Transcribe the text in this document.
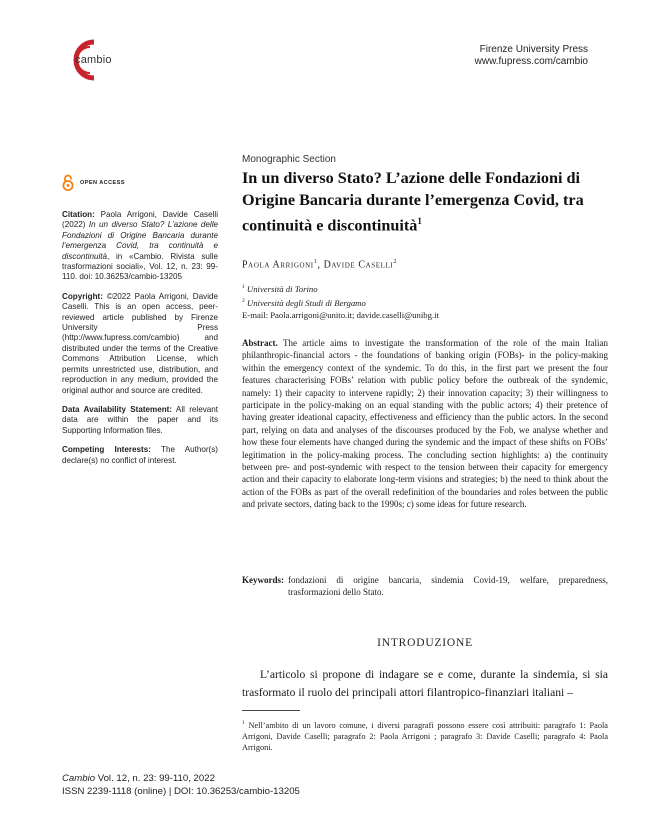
cambio
Firenze University Press
www.fupress.com/cambio
OPEN ACCESS

Citation: Paola Arrigoni, Davide Caselli (2022) In un diverso Stato? L’azione delle Fondazioni di Origine Bancaria durante l’emergenza Covid, tra continuità e discontinuità, in «Cambio. Rivista sulle trasformazioni sociali», Vol. 12, n. 23: 99-110. doi: 10.36253/cambio-13205

Copyright: ©2022 Paola Arrigoni, Davide Caselli. This is an open access, peer-reviewed article published by Firenze University Press (http://www.fupress.com/cambio) and distributed under the terms of the Creative Commons Attribution License, which permits unrestricted use, distribution, and reproduction in any medium, provided the original author and source are credited.

Data Availability Statement: All relevant data are within the paper and its Supporting Information files.

Competing Interests: The Author(s) declare(s) no conflict of interest.

Monographic Section
In un diverso Stato? L’azione delle Fondazioni di Origine Bancaria durante l’emergenza Covid, tra continuità e discontinuità$^1$
Paola Arrigoni$^1$, Davide Caselli$^2$
$^1$ Università di Torino
$^2$ Università degli Studi di Bergamo
E-mail: Paola.arrigoni@unito.it; davide.caselli@unibg.it

Abstract. The article aims to investigate the transformation of the role of the main Italian philanthropic-financial actors - the foundations of banking origin (FOBs)- in the policy-making within the emergency context of the syndemic. To do this, in the first part we present the four features characterising FOBs’ relation with public policy before the outbreak of the syndemic, namely: 1) their capacity to intervene rapidly; 2) their innovation capacity; 3) their willingness to participate in the policy-making on an equal standing with the public actors; 4) their pretence of having greater ideational capacity, effectiveness and efficiency than the public actors. In the second part, relying on data and analyses of the discourses produced by the Fob, we analyse whether and how these four elements have changed during the syndemic and the impact of these shifts on FOBs’ legitimation in the policy-making process. The concluding section highlights: a) the continuity between pre- and post-syndemic with respect to the tension between their capacity for emergency action and their capacity to elaborate long-term visions and strategies; b) the need to think about the action of the FOBs as part of the overall redefinition of the boundaries and roles between the public and private sectors, dating back to the 1990s; c) some ideas for future research.

Keywords: fondazioni di origine bancaria, sindemia Covid-19, welfare, preparedness, trasformazioni dello Stato.
INTRODUZIONE

L’articolo si propone di indagare se e come, durante la sindemia, si sia trasformato il ruolo dei principali attori filantropico-finanziari italiani –

$^1$ Nell’ambito di un lavoro comune, i diversi paragrafi possono essere così attribuiti: paragrafo 1: Paola Arrigoni, Davide Caselli; paragrafo 2: Paola Arrigoni ; paragrafo 3: Davide Caselli; paragrafo 4: Paola Arrigoni.

Cambio Vol. 12, n. 23: 99-110, 2022
ISSN 2239-1118 (online) | DOI: 10.36253/cambio-13205
